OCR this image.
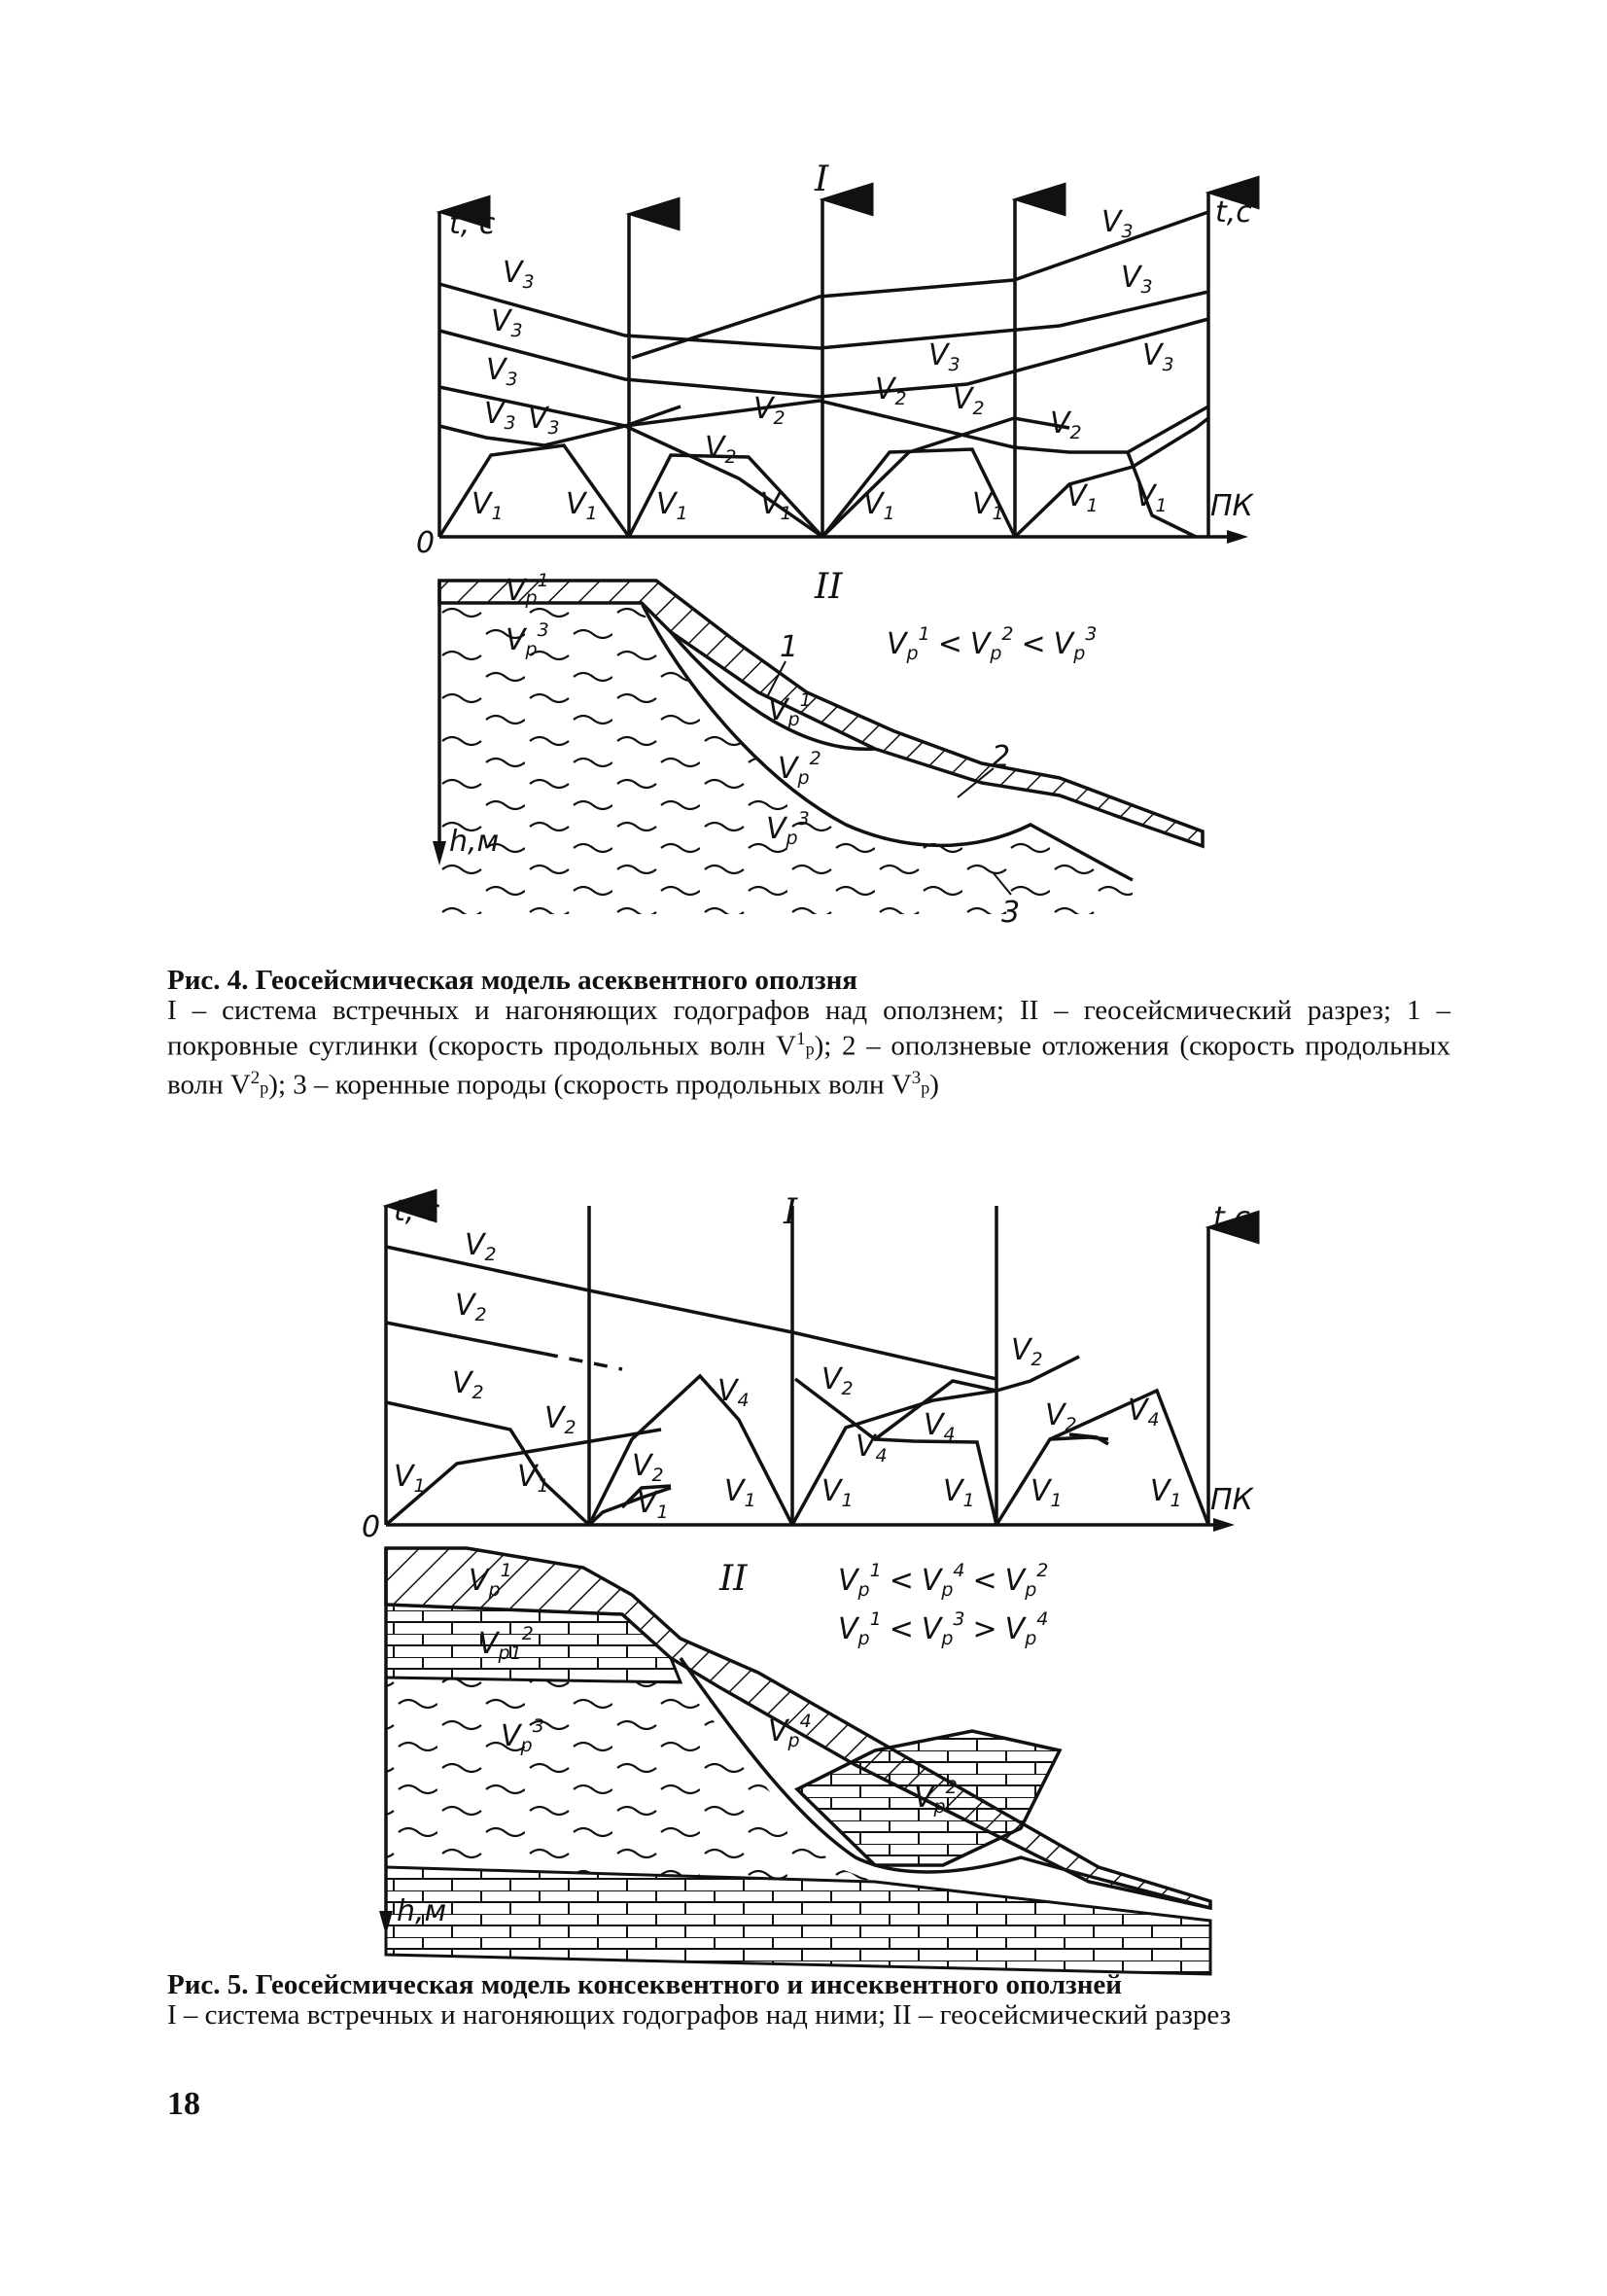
t, c	t,c
0
ПК
I
$V_1$ $V_1$ $V_1$ $V_1$ $V_1$	$V_1$ $V_1$ $V_1$
$V_2$
$V_2$
$V_2$ $V_2$ $V_2$
$V_3$
$V_3$
$V_3$
$V_3$ $V_3$
$V_3$
$V_3$
$V_3$
$V_3$
h,м
II
Vp$^1$
$V_p^3$
$V_p^1$
$V_p^2$
$V_p^3$
$V_p^1 < V_p^2 < V_p^3$
1
2
3
Рис. 4. Геосейсмическая модель асеквентного оползня
I – система встречных и нагоняющих годографов над оползнем; II – геосейсмический разрез; 1 – покровные суглинки (скорость продольных волн $V^1p$); 2 – оползневые отложения (скорость продольных волн $V^2p$); 3 – коренные породы (скорость продольных волн $V^3p$)
t, c	t,c
0
ПК
I
$V_2$
$V_2$
$V_2$
$V_2$
$V_1$	$V_1$
$V_2$
$V_1$
$V_1$
$V_4$
$V_2$
$V_1$
$V_4$
$V_4$
$V_1$
$V_2$
$V_2$
$V_1$
$V_4$
$V_1$
h,м
II
$V_p^1$
$V_{p1}^2$
$V_p^3$	$V_p^4$
$V_p^2$
$V_p^1 < V_p^4 < V_p^2$
$V_p^1 < V_p^3 > V_p^4$
Рис. 5. Геосейсмическая модель консеквентного и инсеквентного оползней
I – система встречных и нагоняющих годографов над ними; II – геосейсмический разрез
18
